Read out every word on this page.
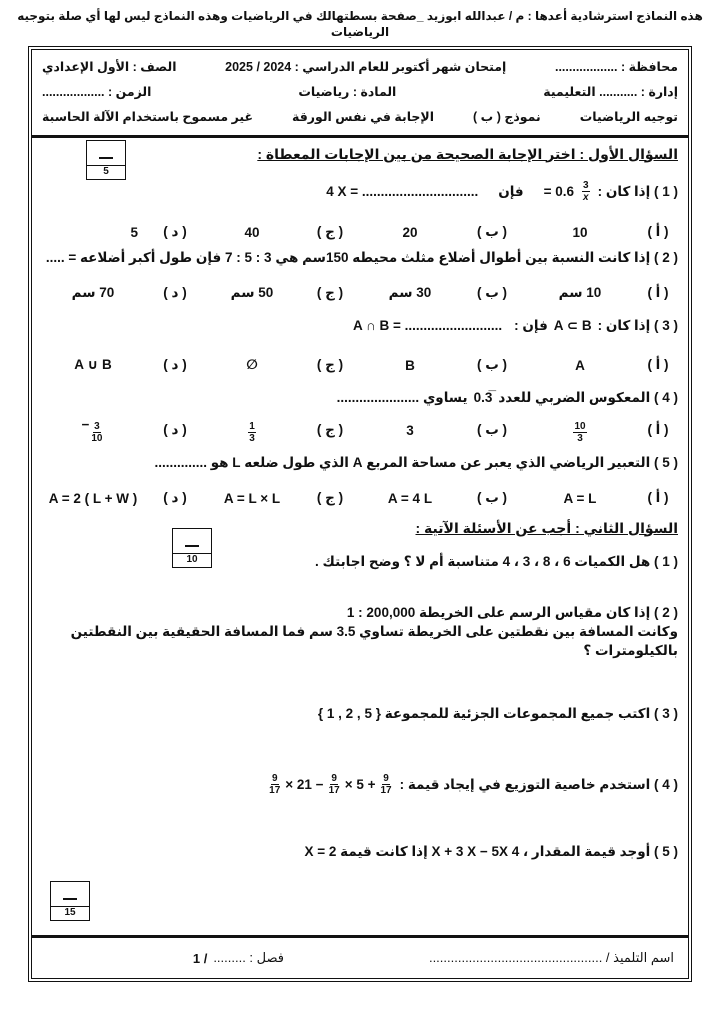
هذه النماذج استرشادية أعدها : م / عبدالله ابوزيد _صفحة بسطتهالك في الرياضيات وهذه النماذج ليس لها أي صلة بتوجيه الرياضيات
محافظة : ..................
إمتحان شهر أكتوبر للعام الدراسي : 2024 / 2025
الصف : الأول الإعدادي
إدارة : ........... التعليمية
المادة : رياضيات
الزمن : ..................
توجيه الرياضيات
نموذج ( ب )
الإجابة في نفس الورقة
غير مسموح باستخدام الآلة الحاسبة
5
السؤال الأول : اختر الإجابة الصحيحة من بين الإجابات المعطاة :
( 1 ) إذا كان :
$\frac{3}{x}$
= 0.6
فإن
4 X = ...............................
( أ )
10
( ب )
20
( ج )
40
( د )
5
( 2 ) إذا كانت النسبة بين أطوال أضلاع مثلث محيطه 150سم هي 3 : 5 : 7 فإن طول أكبر أضلاعه = .....
( أ )
10 سم
( ب )
30 سم
( ج )
50 سم
( د )
70 سم
( 3 ) إذا كان :
A ⊂ B
فإن :
A ∩ B = ..........................
( أ )
A
( ب )
B
( ج )
∅
( د )
A ∪ B
( 4 ) المعكوس الضربي للعدد
0.3̅
يساوي ......................
( أ )
$\frac{10}{3}$
( ب )
3
( ج )
$\frac{1}{3}$
( د )
− $\frac{3}{10}$
( 5 ) التعبير الرياضي الذي يعبر عن مساحة المربع A الذي طول ضلعه L هو ..............
( أ )
A = L
( ب )
A = 4 L
( ج )
A = L × L
( د )
A = 2 ( L + W )
10
السؤال الثاني : أجب عن الأسئلة الآتية :
( 1 ) هل الكميات 6 ، 8 ، 3 ، 4 متناسبة أم لا ؟ وضح اجابتك .
( 2 ) إذا كان مقياس الرسم على الخريطة 200,000 : 1
وكانت المسافة بين نقطتين على الخريطة تساوي 3.5 سم فما المسافة الحقيقية بين النقطتين بالكيلومترات ؟
( 3 ) اكتب جميع المجموعات الجزئية للمجموعة { 5 , 2 , 1 }
( 4 ) استخدم خاصية التوزيع في إيجاد قيمة :
$\frac{9}{17} \times 21 - \frac{9}{17} \times 5 + \frac{9}{17}$
( 5 ) أوجد قيمة المقدار ، 4 X + 3 X − 5X إذا كانت قيمة X = 2
15
اسم التلميذ / ................................................
فصل : .........
/ 1
